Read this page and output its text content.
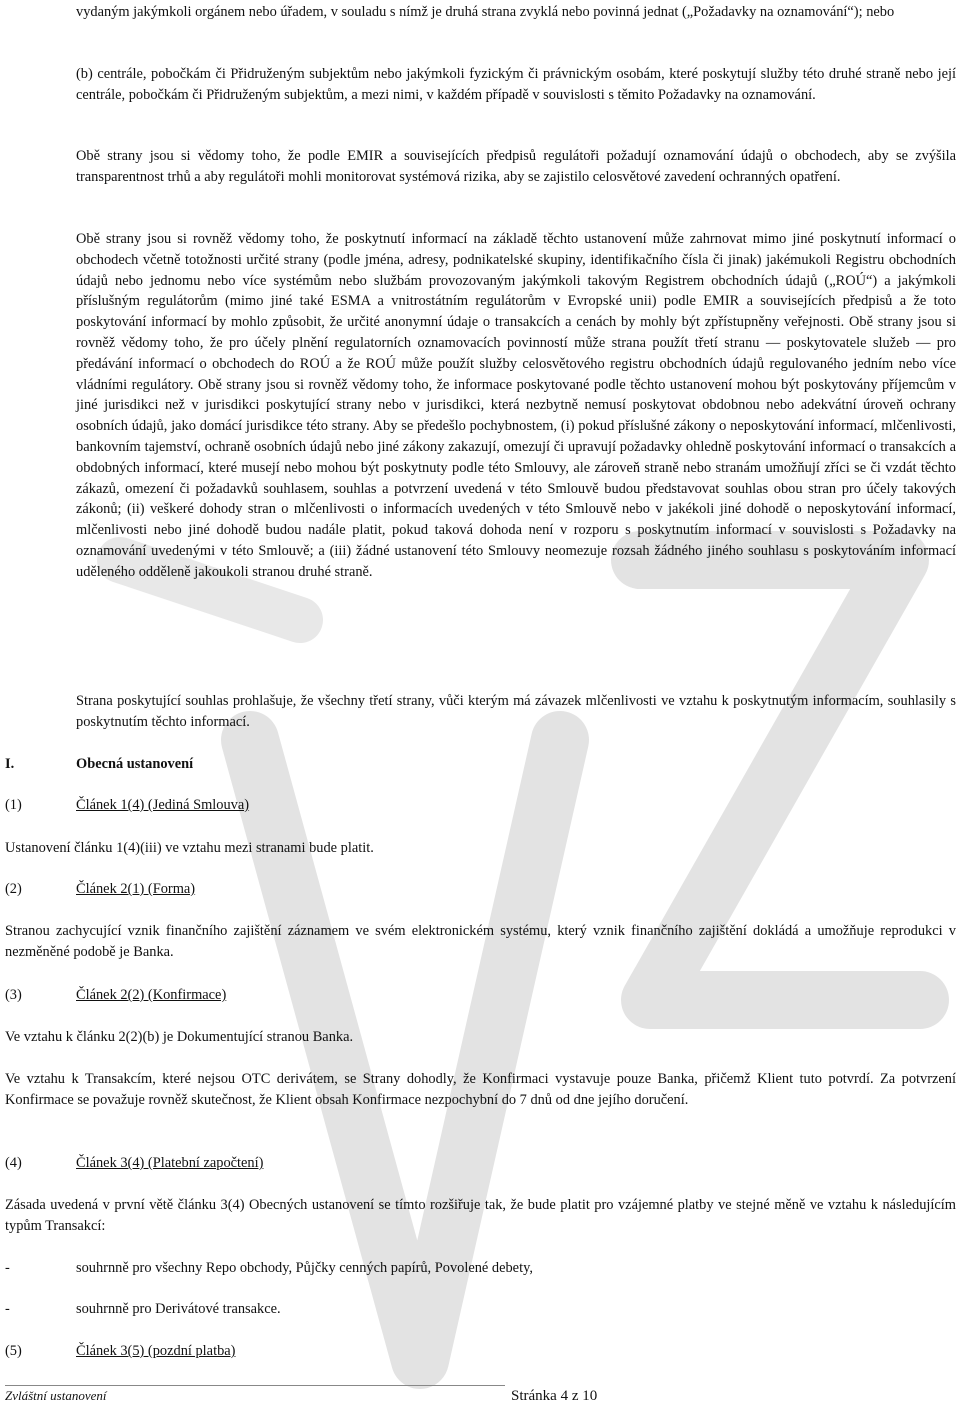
vydaným jakýmkoli orgánem nebo úřadem, v souladu s nímž je druhá strana zvyklá nebo povinná jednat („Požadavky na oznamování“); nebo

(b) centrále, pobočkám či Přidruženým subjektům nebo jakýmkoli fyzickým či právnickým osobám, které poskytují služby této druhé straně nebo její centrále, pobočkám či Přidruženým subjektům, a mezi nimi, v každém případě v souvislosti s těmito Požadavky na oznamování.

Obě strany jsou si vědomy toho, že podle EMIR a souvisejících předpisů regulátoři požadují oznamování údajů o obchodech, aby se zvýšila transparentnost trhů a aby regulátoři mohli monitorovat systémová rizika, aby se zajistilo celosvětové zavedení ochranných opatření.

Obě strany jsou si rovněž vědomy toho, že poskytnutí informací na základě těchto ustanovení může zahrnovat mimo jiné poskytnutí informací o obchodech včetně totožnosti určité strany (podle jména, adresy, podnikatelské skupiny, identifikačního čísla či jinak) jakémukoli Registru obchodních údajů nebo jednomu nebo více systémům nebo službám provozovaným jakýmkoli takovým Registrem obchodních údajů („ROÚ“) a jakýmkoli příslušným regulátorům (mimo jiné také ESMA a vnitrostátním regulátorům v Evropské unii) podle EMIR a souvisejících předpisů a že toto poskytování informací by mohlo způsobit, že určité anonymní údaje o transakcích a cenách by mohly být zpřístupněny veřejnosti. Obě strany jsou si rovněž vědomy toho, že pro účely plnění regulatorních oznamovacích povinností může strana použít třetí stranu — poskytovatele služeb — pro předávání informací o obchodech do ROÚ a že ROÚ může použít služby celosvětového registru obchodních údajů regulovaného jedním nebo více vládními regulátory. Obě strany jsou si rovněž vědomy toho, že informace poskytované podle těchto ustanovení mohou být poskytovány příjemcům v jiné jurisdikci než v jurisdikci poskytující strany nebo v jurisdikci, která nezbytně nemusí poskytovat obdobnou nebo adekvátní úroveň ochrany osobních údajů, jako domácí jurisdikce této strany. Aby se předešlo pochybnostem, (i) pokud příslušné zákony o neposkytování informací, mlčenlivosti, bankovním tajemství, ochraně osobních údajů nebo jiné zákony zakazují, omezují či upravují požadavky ohledně poskytování informací o transakcích a obdobných informací, které musejí nebo mohou být poskytnuty podle této Smlouvy, ale zároveň straně nebo stranám umožňují zříci se či vzdát těchto zákazů, omezení či požadavků souhlasem, souhlas a potvrzení uvedená v této Smlouvě budou představovat souhlas obou stran pro účely takových zákonů; (ii) veškeré dohody stran o mlčenlivosti o informacích uvedených v této Smlouvě nebo v jakékoli jiné dohodě o neposkytování informací, mlčenlivosti nebo jiné dohodě budou nadále platit, pokud taková dohoda není v rozporu s poskytnutím informací v souvislosti s Požadavky na oznamování uvedenými v této Smlouvě; a (iii) žádné ustanovení této Smlouvy neomezuje rozsah žádného jiného souhlasu s poskytováním informací uděleného odděleně jakoukoli stranou druhé straně.

Strana poskytující souhlas prohlašuje, že všechny třetí strany, vůči kterým má závazek mlčenlivosti ve vztahu k poskytnutým informacím, souhlasily s poskytnutím těchto informací.

I.	Obecná ustanovení

(1)	Článek 1(4) (Jediná Smlouva)

Ustanovení článku 1(4)(iii) ve vztahu mezi stranami bude platit.

(2)	Článek 2(1) (Forma)

Stranou zachycující vznik finančního zajištění záznamem ve svém elektronickém systému, který vznik finančního zajištění dokládá a umožňuje reprodukci v nezměněné podobě je Banka.

(3)	Článek 2(2) (Konfirmace)

Ve vztahu k článku 2(2)(b) je Dokumentující stranou Banka.

Ve vztahu k Transakcím, které nejsou OTC derivátem, se Strany dohodly, že Konfirmaci vystavuje pouze Banka, přičemž Klient tuto potvrdí. Za potvrzení Konfirmace se považuje rovněž skutečnost, že Klient obsah Konfirmace nezpochybní do 7 dnů od dne jejího doručení.

(4)	Článek 3(4) (Platební započtení)

Zásada uvedená v první větě článku 3(4) Obecných ustanovení se tímto rozšiřuje tak, že bude platit pro vzájemné platby ve stejné měně ve vztahu k následujícím typům Transakcí:

-	souhrnně pro všechny Repo obchody, Půjčky cenných papírů, Povolené debety,

-	souhrnně pro Derivátové transakce.

(5)	Článek 3(5) (pozdní platba)

Zvláštní ustanovení	Stránka 4 z 10
